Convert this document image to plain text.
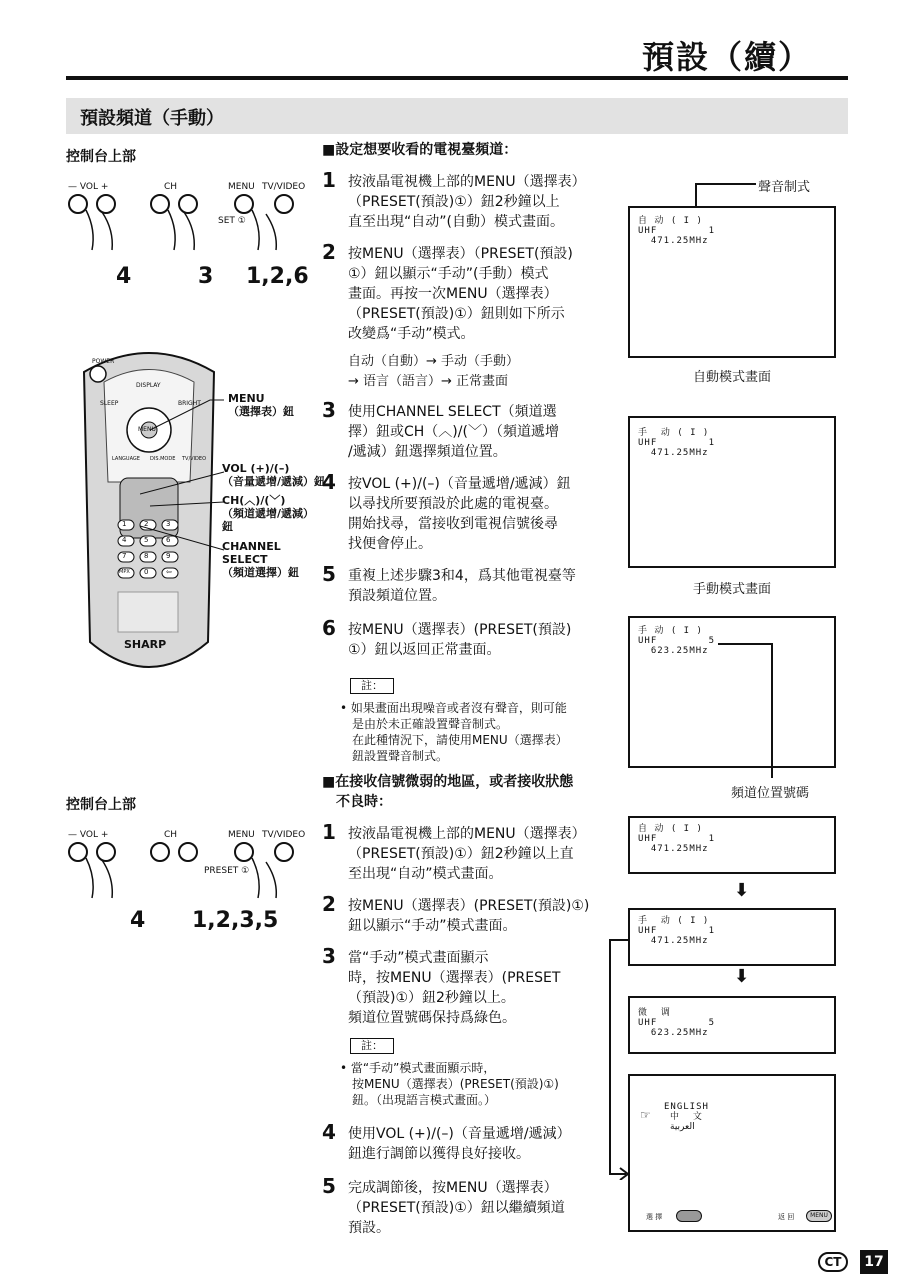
預設（續）
預設頻道（手動）
控制台上部
— VOL +	CH	MENU TV/VIDEO
SET ①
4	3 1,2,6
POWER
DISPLAY
SLEEP	BRIGHT
MENU
LANGUAGE DIS.MODE TV/VIDEO
1	2	3
4	5	6
7	8	9
MPX 0	⇦
SHARP
MENU
（選擇表）鈕
VOL (+)/(–)
（音量遞增/遞減）鈕
CH(︿)/(﹀)
（頻道遞增/遞減）
鈕
CHANNEL
SELECT
（頻道選擇）鈕
控制台上部
— VOL +	CH	MENU TV/VIDEO
PRESET ①
4 1,2,3,5
■設定想要收看的電視臺頻道：
1 按液晶電視機上部的MENU（選擇表）
（PRESET(預設)①）鈕2秒鐘以上
直至出現“自动”(自動）模式畫面。
2 按MENU（選擇表）（PRESET(預設)
①）鈕以顯示“手动”(手動）模式
畫面。再按一次MENU（選擇表）
（PRESET(預設)①）鈕則如下所示
改變爲“手动”模式。
自动（自動）→ 手动（手動）
→ 语言（語言）→ 正常畫面
3 使用CHANNEL SELECT（頻道選
擇）鈕或CH（︿)/(﹀）（頻道遞增
/遞減）鈕選擇頻道位置。
4 按VOL (+)/(–)（音量遞增/遞減）鈕
以尋找所要預設於此處的電視臺。
開始找尋，當接收到電視信號後尋
找便會停止。
5 重複上述步驟3和4，爲其他電視臺等
預設頻道位置。
6 按MENU（選擇表）(PRESET(預設)
①）鈕以返回正常畫面。
註：
• 如果畫面出現噪音或者沒有聲音，則可能
是由於未正確設置聲音制式。
在此種情況下，請使用MENU（選擇表）
鈕設置聲音制式。
■在接收信號微弱的地區，或者接收狀態
不良時：
1 按液晶電視機上部的MENU（選擇表）
（PRESET(預設)①）鈕2秒鐘以上直
至出現“自动”模式畫面。
2 按MENU（選擇表）(PRESET(預設)①)
鈕以顯示“手动”模式畫面。
3 當“手动”模式畫面顯示
時，按MENU（選擇表）(PRESET
（預設)①）鈕2秒鐘以上。
頻道位置號碼保持爲綠色。
註：
• 當“手动”模式畫面顯示時，
按MENU（選擇表）(PRESET(預設)①)
鈕。（出現語言模式畫面。）
4 使用VOL (+)/(–)（音量遞增/遞減）
鈕進行調節以獲得良好接收。
5 完成調節後，按MENU（選擇表）
（PRESET(預設)①）鈕以繼續頻道
預設。
聲音制式
自 动 ( I )
UHF        1
471.25MHz
自動模式畫面
手  动 ( I )
UHF        1
471.25MHz
手動模式畫面
手 动 ( I )
UHF        5
623.25MHz
頻道位置號碼
自 动 ( I )
UHF        1
471.25MHz
⬇
手  动 ( I )
UHF        1
471.25MHz
⬇
微  调
UHF        5
623.25MHz
☞
ENGLISH
中  文
العربية
選 擇	返 回	MENU
CT	17
